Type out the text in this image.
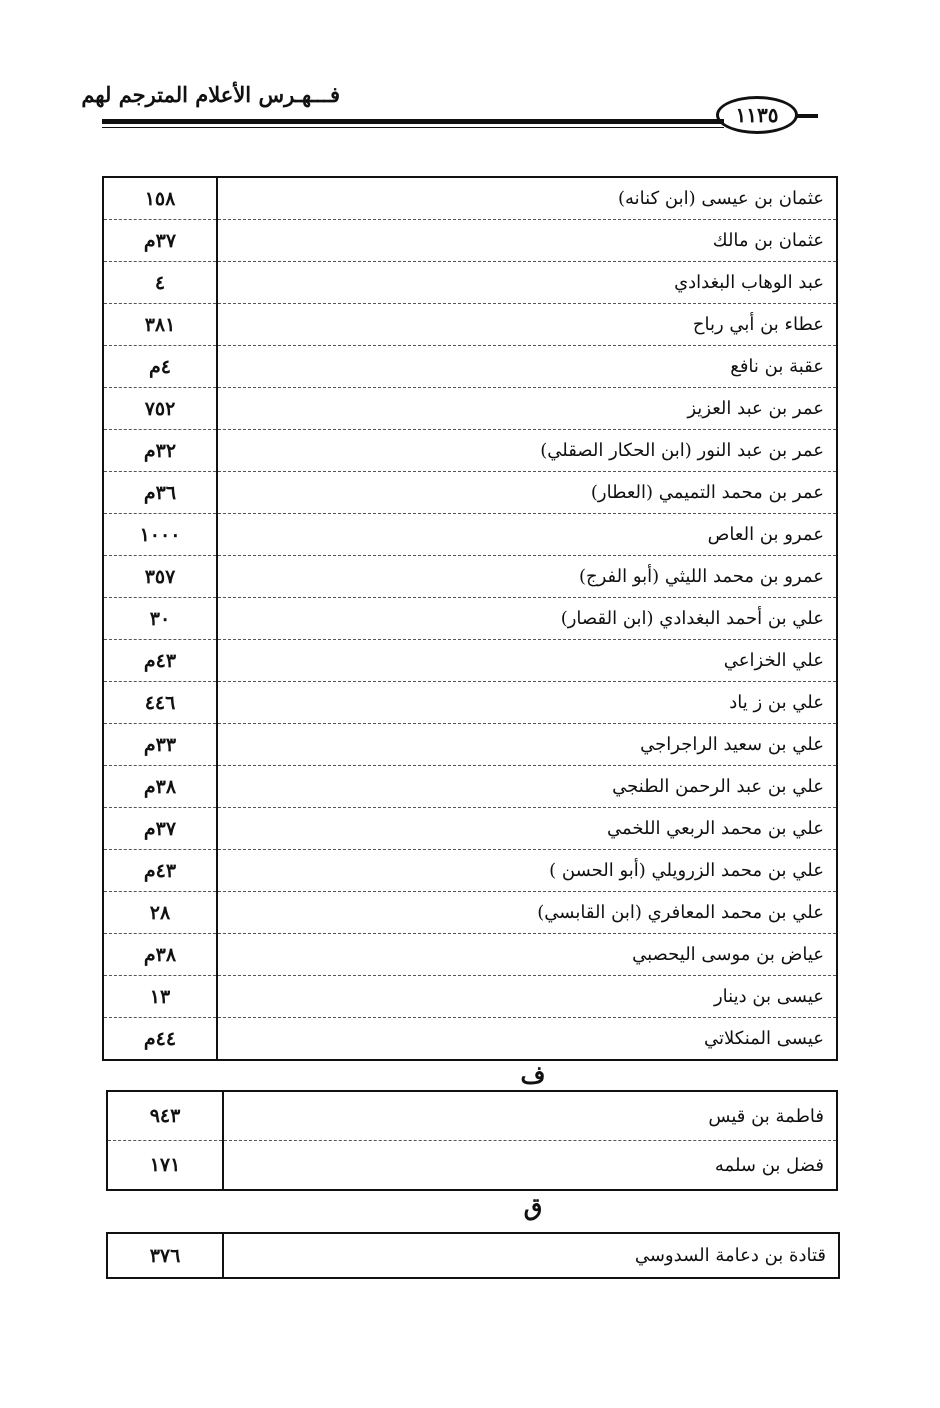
فـــهـرس الأعلام المترجم لهم
١١٣٥
عثمان بن عيسى (ابن كنانه)	١٥٨
عثمان بن مالك	٣٧م
عبد الوهاب البغدادي	٤
عطاء بن أبي رباح	٣٨١
عقبة بن نافع	٤م
عمر بن عبد العزيز	٧٥٢
عمر بن عبد النور (ابن الحكار الصقلي)	٣٢م
عمر بن محمد التميمي (العطار)	٣٦م
عمرو بن العاص	١٠٠٠
عمرو بن محمد الليثي (أبو الفرج)	٣٥٧
علي بن أحمد البغدادي (ابن القصار)	٣٠
علي الخزاعي	٤٣م
علي بن ز ياد	٤٤٦
علي بن سعيد الراجراجي	٣٣م
علي بن عبد الرحمن الطنجي	٣٨م
علي بن محمد الربعي اللخمي	٣٧م
علي بن محمد الزرويلي (أبو الحسن )	٤٣م
علي بن محمد المعافري (ابن القابسي)	٢٨
عياض بن موسى اليحصبي	٣٨م
عيسى بن دينار	١٣
عيسى المنكلاتي	٤٤م
ف
فاطمة بن قيس	٩٤٣
فضل بن سلمه	١٧١
ق
قتادة بن دعامة السدوسي	٣٧٦
